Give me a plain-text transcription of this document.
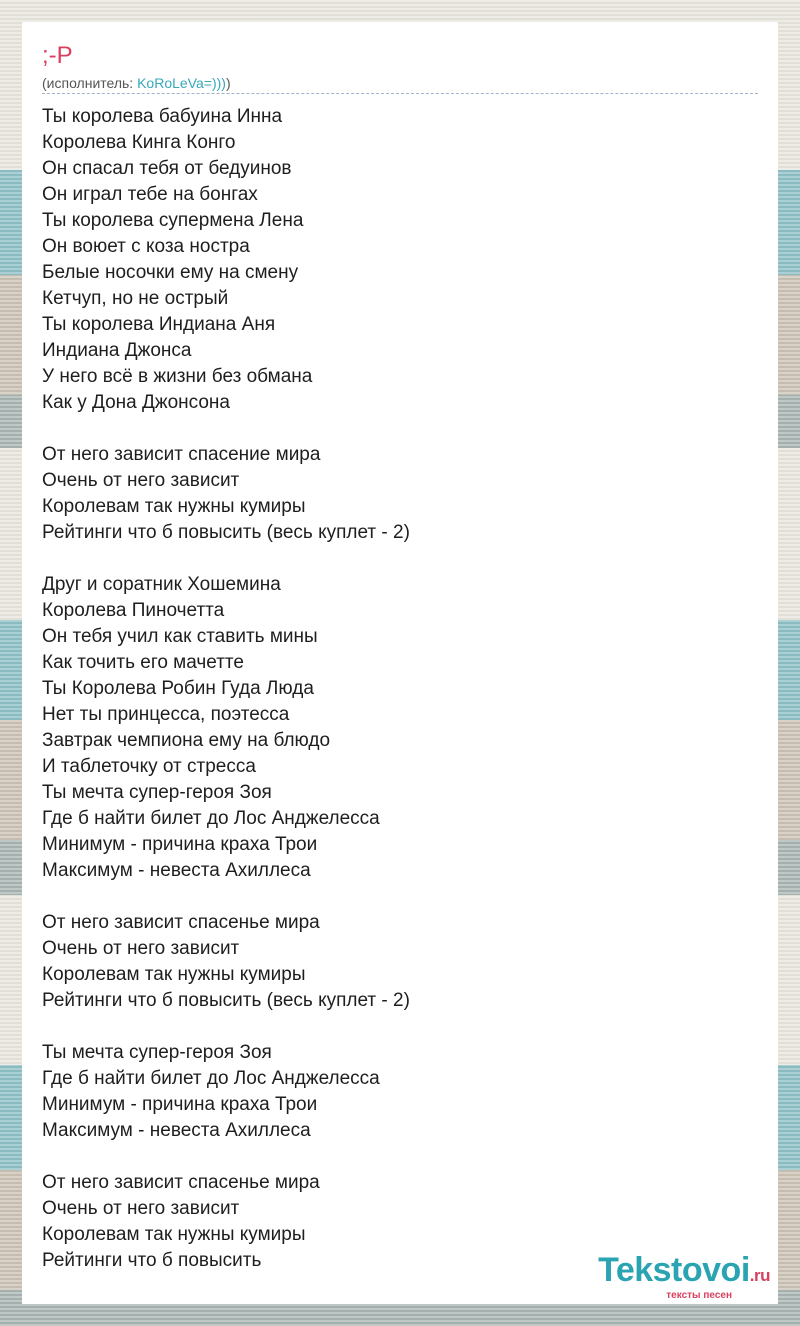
;-P
(исполнитель: KoRoLeVa=))))
Ты королева бабуина Инна
Королева Кинга Конго
Он спасал тебя от бедуинов
Он играл тебе на бонгах
Ты королева супермена Лена
Он воюет с коза ностра
Белые носочки ему на смену
Кетчуп, но не острый
Ты королева Индиана Аня
Индиана Джонса
У него всё в жизни без обмана
Как у Дона Джонсона
От него зависит спасение мира
Очень от него зависит
Королевам так нужны кумиры
Рейтинги что б повысить (весь куплет - 2)
Друг и соратник Хошемина
Королева Пиночетта
Он тебя учил как ставить мины
Как точить его мачетте
Ты Королева Робин Гуда Люда
Нет ты принцесса, поэтесса
Завтрак чемпиона ему на блюдо
И таблеточку от стресса
Ты мечта супер-героя Зоя
Где б найти билет до Лос Анджелесса
Минимум - причина краха Трои
Максимум - невеста Ахиллеса
От него зависит спасенье мира
Очень от него зависит
Королевам так нужны кумиры
Рейтинги что б повысить (весь куплет - 2)
Ты мечта супер-героя Зоя
Где б найти билет до Лос Анджелесса
Минимум - причина краха Трои
Максимум - невеста Ахиллеса
От него зависит спасенье мира
Очень от него зависит
Королевам так нужны кумиры
Рейтинги что б повысить	Tekstovoi.ru
тексты песен
